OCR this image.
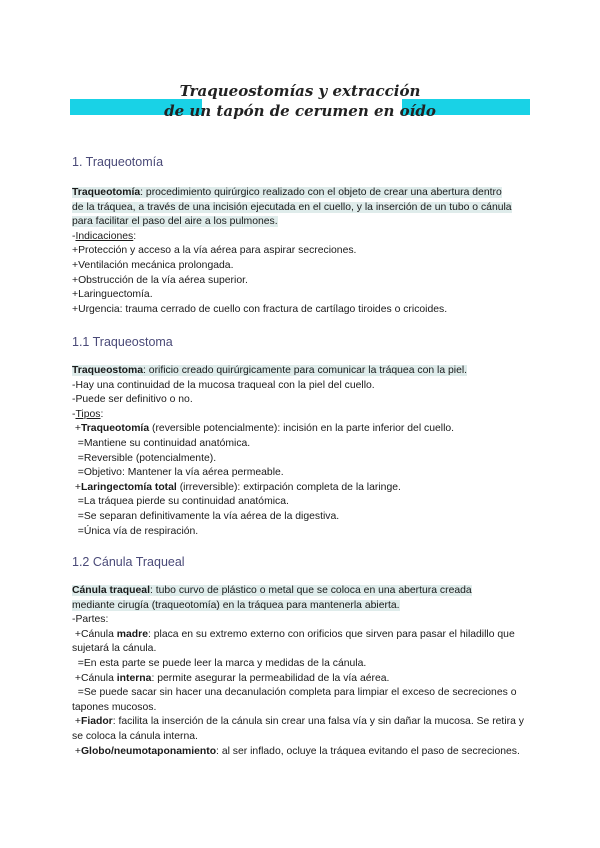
Traqueostomías y extracción
de un tapón de cerumen en oído
1. Traqueotomía
Traqueotomía: procedimiento quirúrgico realizado con el objeto de crear una abertura dentro de la tráquea, a través de una incisión ejecutada en el cuello, y la inserción de un tubo o cánula para facilitar el paso del aire a los pulmones.
-Indicaciones:
+Protección y acceso a la vía aérea para aspirar secreciones.
+Ventilación mecánica prolongada.
+Obstrucción de la vía aérea superior.
+Laringuectomía.
+Urgencia: trauma cerrado de cuello con fractura de cartílago tiroides o cricoides.
1.1 Traqueostoma
Traqueostoma: orificio creado quirúrgicamente para comunicar la tráquea con la piel.
-Hay una continuidad de la mucosa traqueal con la piel del cuello.
-Puede ser definitivo o no.
-Tipos:
+Traqueotomía (reversible potencialmente): incisión en la parte inferior del cuello.
=Mantiene su continuidad anatómica.
=Reversible (potencialmente).
=Objetivo: Mantener la vía aérea permeable.
+Laringectomía total (irreversible): extirpación completa de la laringe.
=La tráquea pierde su continuidad anatómica.
=Se separan definitivamente la vía aérea de la digestiva.
=Única vía de respiración.
1.2 Cánula Traqueal
Cánula traqueal: tubo curvo de plástico o metal que se coloca en una abertura creada mediante cirugía (traqueotomía) en la tráquea para mantenerla abierta.
-Partes:
+Cánula madre: placa en su extremo externo con orificios que sirven para pasar el hiladillo que sujetará la cánula.
=En esta parte se puede leer la marca y medidas de la cánula.
+Cánula interna: permite asegurar la permeabilidad de la vía aérea.
=Se puede sacar sin hacer una decanulación completa para limpiar el exceso de secreciones o tapones mucosos.
+Fiador: facilita la inserción de la cánula sin crear una falsa vía y sin dañar la mucosa. Se retira y se coloca la cánula interna.
+Globo/neumotaponamiento: al ser inflado, ocluye la tráquea evitando el paso de secreciones.
